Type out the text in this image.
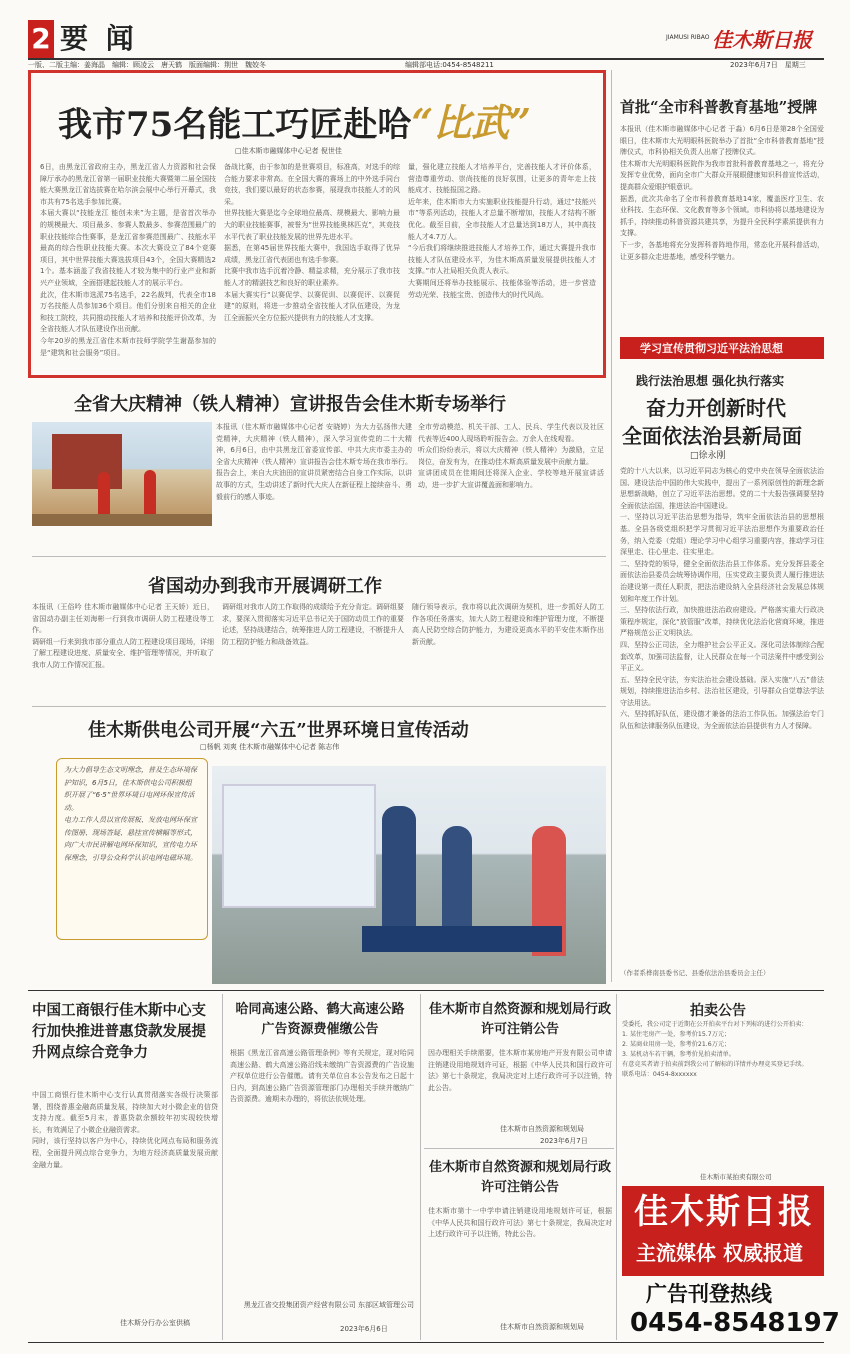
2 要 闻	JIAMUSI RIBAO 佳木斯日报
一版、二版主编：姜海晶　编辑：顾凌云　唐天鹤　版面编辑：荆世　魏姣冬	编辑部电话:0454-8548211	2023年6月7日　星期三
我市75名能工巧匠赴哈“比武”
□佳木斯市融媒体中心记者 倪世佳
6日，由黑龙江省政府主办，黑龙江省人力资源和社会保障厅承办的黑龙江省第一届职业技能大赛暨第二届全国技能大赛黑龙江省选拔赛在哈尔滨会展中心举行开幕式，我市共有75名选手参加比赛。
本届大赛以“技能龙江 能创未来”为主题，是省首次举办的规模最大、项目最多、参赛人数最多、参赛范围最广的职业技能综合性赛事，是龙江省参赛范围最广、技能水平最高的综合性职业技能大赛。本次大赛设立了84个竞赛项目，其中世界技能大赛选拔项目43个，全国大赛精选21个。基本涵盖了我省技能人才较为集中的行业产业和新兴产业领域，全面搭建起技能人才的展示平台。
此次，佳木斯市选派75名选手，22名裁判，代表全市18万名技能人员参加36个项目。他们分别来自相关的企业和技工院校，共同推动技能人才培养和技能评价改革，为全省技能人才队伍建设作出贡献。
今年20岁的黑龙江省佳木斯市技师学院学生谢磊参加的是“建筑和社会服务”项目。
备战比赛，由于参加的是世赛项目，标准高，对选手的综合能力要求非常高。在全国大赛的赛场上的中外选手同台竞技，我们要以最好的状态参赛，展现我市技能人才的风采。
世界技能大赛是迄今全球地位最高、规模最大、影响力最大的职业技能赛事，被誉为“世界技能奥林匹克”，其竞技水平代表了职业技能发展的世界先进水平。
据悉，在第45届世界技能大赛中，我国选手取得了优异成绩，黑龙江省代表团也有选手参赛。
比赛中我市选手沉着冷静、精益求精，充分展示了我市技能人才的精湛技艺和良好的职业素养。
本届大赛实行“以赛促学、以赛促训、以赛促评、以赛促建”的原则，将进一步推动全省技能人才队伍建设，为龙江全面振兴全方位振兴提供有力的技能人才支撑。
量，强化建立技能人才培养平台，完善技能人才评价体系，营造尊重劳动、崇尚技能的良好氛围，让更多的青年走上技能成才、技能报国之路。
近年来，佳木斯市大力实施职业技能提升行动，通过“技能兴市”等系列活动，技能人才总量不断增加，技能人才结构不断优化。截至目前，全市技能人才总量达到18万人，其中高技能人才4.7万人。
“今后我们将继续推进技能人才培养工作，通过大赛提升我市技能人才队伍建设水平，为佳木斯高质量发展提供技能人才支撑。”市人社局相关负责人表示。
大赛期间还将举办技能展示、技能体验等活动，进一步营造劳动光荣、技能宝贵、创造伟大的时代风尚。
首批“全市科普教育基地”授牌
本报讯（佳木斯市融媒体中心记者 于淼）6月6日是第28个全国爱眼日，佳木斯市大光明眼科医院举办了首批“全市科普教育基地”授牌仪式，市科协相关负责人出席了授牌仪式。
佳木斯市大光明眼科医院作为我市首批科普教育基地之一，将充分发挥专业优势，面向全市广大群众开展眼健康知识科普宣传活动，提高群众爱眼护眼意识。
据悉，此次共命名了全市科普教育基地14家，覆盖医疗卫生、农业科技、生态环保、文化教育等多个领域。市科协将以基地建设为抓手，持续推动科普资源共建共享，为提升全民科学素质提供有力支撑。
下一步，各基地将充分发挥科普阵地作用，常态化开展科普活动，让更多群众走进基地，感受科学魅力。
学习宣传贯彻习近平法治思想
践行法治思想 强化执行落实
奋力开创新时代
全面依法治县新局面
□徐永刚
党的十八大以来，以习近平同志为核心的党中央在领导全面依法治国、建设法治中国的伟大实践中，提出了一系列原创性的新理念新思想新战略，创立了习近平法治思想。党的二十大报告强调要坚持全面依法治国，推进法治中国建设。
一、坚持以习近平法治思想为指导，筑牢全面依法治县的思想根基。全县各级党组织把学习贯彻习近平法治思想作为重要政治任务，纳入党委（党组）理论学习中心组学习重要内容，推动学习往深里走、往心里走、往实里走。
二、坚持党的领导，健全全面依法治县工作体系。充分发挥县委全面依法治县委员会统筹协调作用，压实党政主要负责人履行推进法治建设第一责任人职责，把法治建设纳入全县经济社会发展总体规划和年度工作计划。
三、坚持依法行政，加快推进法治政府建设。严格落实重大行政决策程序规定，深化“放管服”改革，持续优化法治化营商环境，推进严格规范公正文明执法。
四、坚持公正司法，全力维护社会公平正义。深化司法体制综合配套改革，加强司法监督，让人民群众在每一个司法案件中感受到公平正义。
五、坚持全民守法，夯实法治社会建设基础。深入实施“八五”普法规划，持续推进法治乡村、法治社区建设，引导群众自觉尊法学法守法用法。
六、坚持抓好队伍，建设德才兼备的法治工作队伍。加强法治专门队伍和法律服务队伍建设，为全面依法治县提供有力人才保障。
（作者系桦南县委书记、县委依法治县委员会主任）
全省大庆精神（铁人精神）宣讲报告会佳木斯专场举行
本报讯（佳木斯市融媒体中心记者 安晓婷）为大力弘扬伟大建党精神，大庆精神（铁人精神），深入学习宣传党的二十大精神，6月6日，由中共黑龙江省委宣传部、中共大庆市委主办的全省大庆精神（铁人精神）宣讲报告会佳木斯专场在我市举行。
报告会上，来自大庆油田的宣讲员紧密结合自身工作实际，以讲故事的方式，生动讲述了新时代大庆人在新征程上接续奋斗、勇毅前行的感人事迹。
全市劳动模范、机关干部、工人、民兵、学生代表以及社区代表等近400人现场聆听报告会。万余人在线观看。
听众们纷纷表示，将以大庆精神（铁人精神）为激励，立足岗位，奋发有为，在推动佳木斯高质量发展中贡献力量。
宣讲团成员在佳期间还将深入企业、学校等地开展宣讲活动，进一步扩大宣讲覆盖面和影响力。
省国动办到我市开展调研工作
本报讯（王俗吟 佳木斯市融媒体中心记者 王天娇）近日，省国动办副主任刘海彬一行到我市调研人防工程建设等工作。
调研组一行来到我市部分重点人防工程建设项目现场，详细了解工程建设进度、质量安全、维护管理等情况，并听取了我市人防工作情况汇报。
调研组对我市人防工作取得的成绩给予充分肯定。调研组要求，要深入贯彻落实习近平总书记关于国防动员工作的重要论述，坚持战建结合，统筹推进人防工程建设，不断提升人防工程防护能力和战备效益。
随行领导表示，我市将以此次调研为契机，进一步抓好人防工作各项任务落实，加大人防工程建设和维护管理力度，不断提高人民防空综合防护能力，为建设更高水平的平安佳木斯作出新贡献。
佳木斯供电公司开展“六五”世界环境日宣传活动
□杨帆 刘爽 佳木斯市融媒体中心记者 陈志伟
为大力倡导生态文明理念，普及生态环境保护知识，6月5日，佳木斯供电公司积极组织开展了“6·5”世界环境日电网环保宣传活动。
电力工作人员以宣传展板、发放电网环保宣传图册、现场答疑、悬挂宣传横幅等形式，向广大市民讲解电网环保知识，宣传电力环保理念，引导公众科学认识电网电磁环境。
中国工商银行佳木斯中心支行加快推进普惠贷款发展提升网点综合竞争力
中国工商银行佳木斯中心支行认真贯彻落实各级行决策部署，围绕普惠金融高质量发展，持续加大对小微企业的信贷支持力度。截至5月末，普惠贷款余额较年初实现较快增长，有效满足了小微企业融资需求。
同时，该行坚持以客户为中心，持续优化网点布局和服务流程，全面提升网点综合竞争力，为地方经济高质量发展贡献金融力量。
佳木斯分行办公室供稿
哈同高速公路、鹤大高速公路广告资源费催缴公告
根据《黑龙江省高速公路管理条例》等有关规定，现对哈同高速公路、鹤大高速公路沿线未缴纳广告资源费的广告设施产权单位进行公告催缴。请有关单位自本公告发布之日起十日内，到高速公路广告资源管理部门办理相关手续并缴纳广告资源费。逾期未办理的，将依法依规处理。
黑龙江省交投集团资产经营有限公司 东部区域管理公司
2023年6月6日
佳木斯市自然资源和规划局行政许可注销公告
因办理相关手续需要，佳木斯市某房地产开发有限公司申请注销建设用地规划许可证，根据《中华人民共和国行政许可法》第七十条规定，我局决定对上述行政许可予以注销，特此公告。
佳木斯市自然资源和规划局
2023年6月7日
佳木斯市自然资源和规划局行政许可注销公告
佳木斯市第十一中学申请注销建设用地规划许可证，根据《中华人民共和国行政许可法》第七十条规定，我局决定对上述行政许可予以注销，特此公告。
佳木斯市自然资源和规划局
拍卖公告
受委托，我公司定于近期在公开拍卖平台对下列标的进行公开拍卖：
1. 某住宅房产一处，参考价15.7万元；
2. 某商业用房一处，参考价21.6万元；
3. 某机动车若干辆，参考价见拍卖清单。
有意竞买者请于拍卖前到我公司了解标的详情并办理竞买登记手续。
联系电话：0454-8xxxxxx
佳木斯市某拍卖有限公司
佳木斯日报
主流媒体 权威报道
广告刊登热线
0454-8548197
